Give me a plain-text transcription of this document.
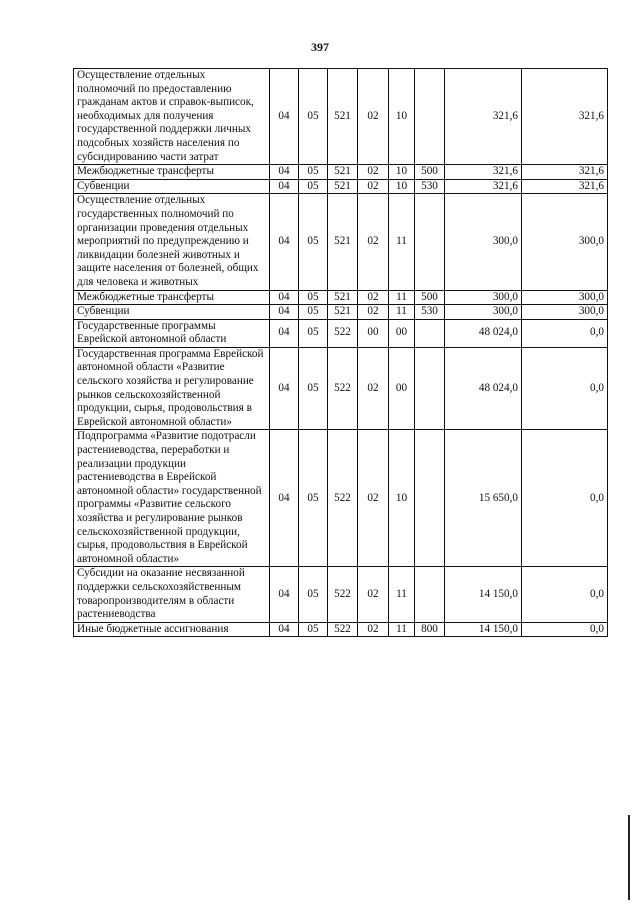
397
Осуществление отдельных полномочий по предоставлению гражданам актов и справок-выписок, необходимых для получения государственной поддержки личных подсобных хозяйств населения по субсидированию части затрат	04	05	521	02	10		321,6	321,6
Межбюджетные трансферты	04	05	521	02	10	500	321,6	321,6
Субвенции	04	05	521	02	10	530	321,6	321,6
Осуществление отдельных государственных полномочий по организации проведения отдельных мероприятий по предупреждению и ликвидации болезней животных и защите населения от болезней, общих для человека и животных	04	05	521	02	11		300,0	300,0
Межбюджетные трансферты	04	05	521	02	11	500	300,0	300,0
Субвенции	04	05	521	02	11	530	300,0	300,0
Государственные программы Еврейской автономной области	04	05	522	00	00		48 024,0	0,0
Государственная программа Еврейской автономной области «Развитие сельского хозяйства и регулирование рынков сельскохозяйственной продукции, сырья, продовольствия в Еврейской автономной области»	04	05	522	02	00		48 024,0	0,0
Подпрограмма «Развитие подотрасли растениеводства, переработки и реализации продукции растениеводства в Еврейской автономной области» государственной программы «Развитие сельского хозяйства и регулирование рынков сельскохозяйственной продукции, сырья, продовольствия в Еврейской автономной области»	04	05	522	02	10		15 650,0	0,0
Субсидии на оказание несвязанной поддержки сельскохозяйственным товаропроизводителям в области растениеводства	04	05	522	02	11		14 150,0	0,0
Иные бюджетные ассигнования	04	05	522	02	11	800	14 150,0	0,0
